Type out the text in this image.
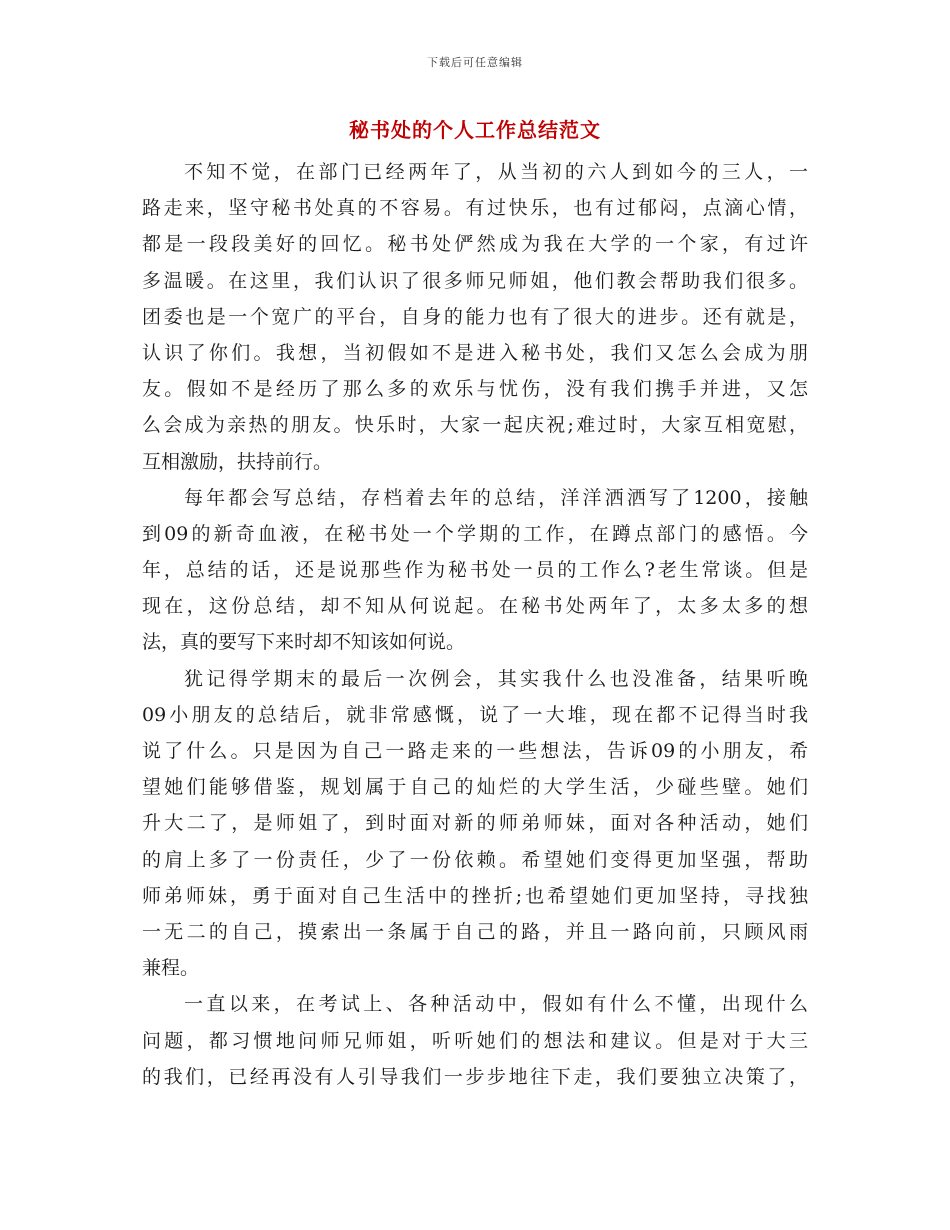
下载后可任意编辑
秘书处的个人工作总结范文
不知不觉，在部门已经两年了，从当初的六人到如今的三人，一
路走来，坚守秘书处真的不容易。有过快乐，也有过郁闷，点滴心情，
都是一段段美好的回忆。秘书处俨然成为我在大学的一个家，有过许
多温暖。在这里，我们认识了很多师兄师姐，他们教会帮助我们很多。
团委也是一个宽广的平台，自身的能力也有了很大的进步。还有就是，
认识了你们。我想，当初假如不是进入秘书处，我们又怎么会成为朋
友。假如不是经历了那么多的欢乐与忧伤，没有我们携手并进，又怎
么会成为亲热的朋友。快乐时，大家一起庆祝;难过时，大家互相宽慰，
互相激励，扶持前行。
每年都会写总结，存档着去年的总结，洋洋洒洒写了1200，接触
到09的新奇血液，在秘书处一个学期的工作，在蹲点部门的感悟。今
年，总结的话，还是说那些作为秘书处一员的工作么?老生常谈。但是
现在，这份总结，却不知从何说起。在秘书处两年了，太多太多的想
法，真的要写下来时却不知该如何说。
犹记得学期末的最后一次例会，其实我什么也没准备，结果听晚
09小朋友的总结后，就非常感慨，说了一大堆，现在都不记得当时我
说了什么。只是因为自己一路走来的一些想法，告诉09的小朋友，希
望她们能够借鉴，规划属于自己的灿烂的大学生活，少碰些壁。她们
升大二了，是师姐了，到时面对新的师弟师妹，面对各种活动，她们
的肩上多了一份责任，少了一份依赖。希望她们变得更加坚强，帮助
师弟师妹，勇于面对自己生活中的挫折;也希望她们更加坚持，寻找独
一无二的自己，摸索出一条属于自己的路，并且一路向前，只顾风雨
兼程。
一直以来，在考试上、各种活动中，假如有什么不懂，出现什么
问题，都习惯地问师兄师姐，听听她们的想法和建议。但是对于大三
的我们，已经再没有人引导我们一步步地往下走，我们要独立决策了，
